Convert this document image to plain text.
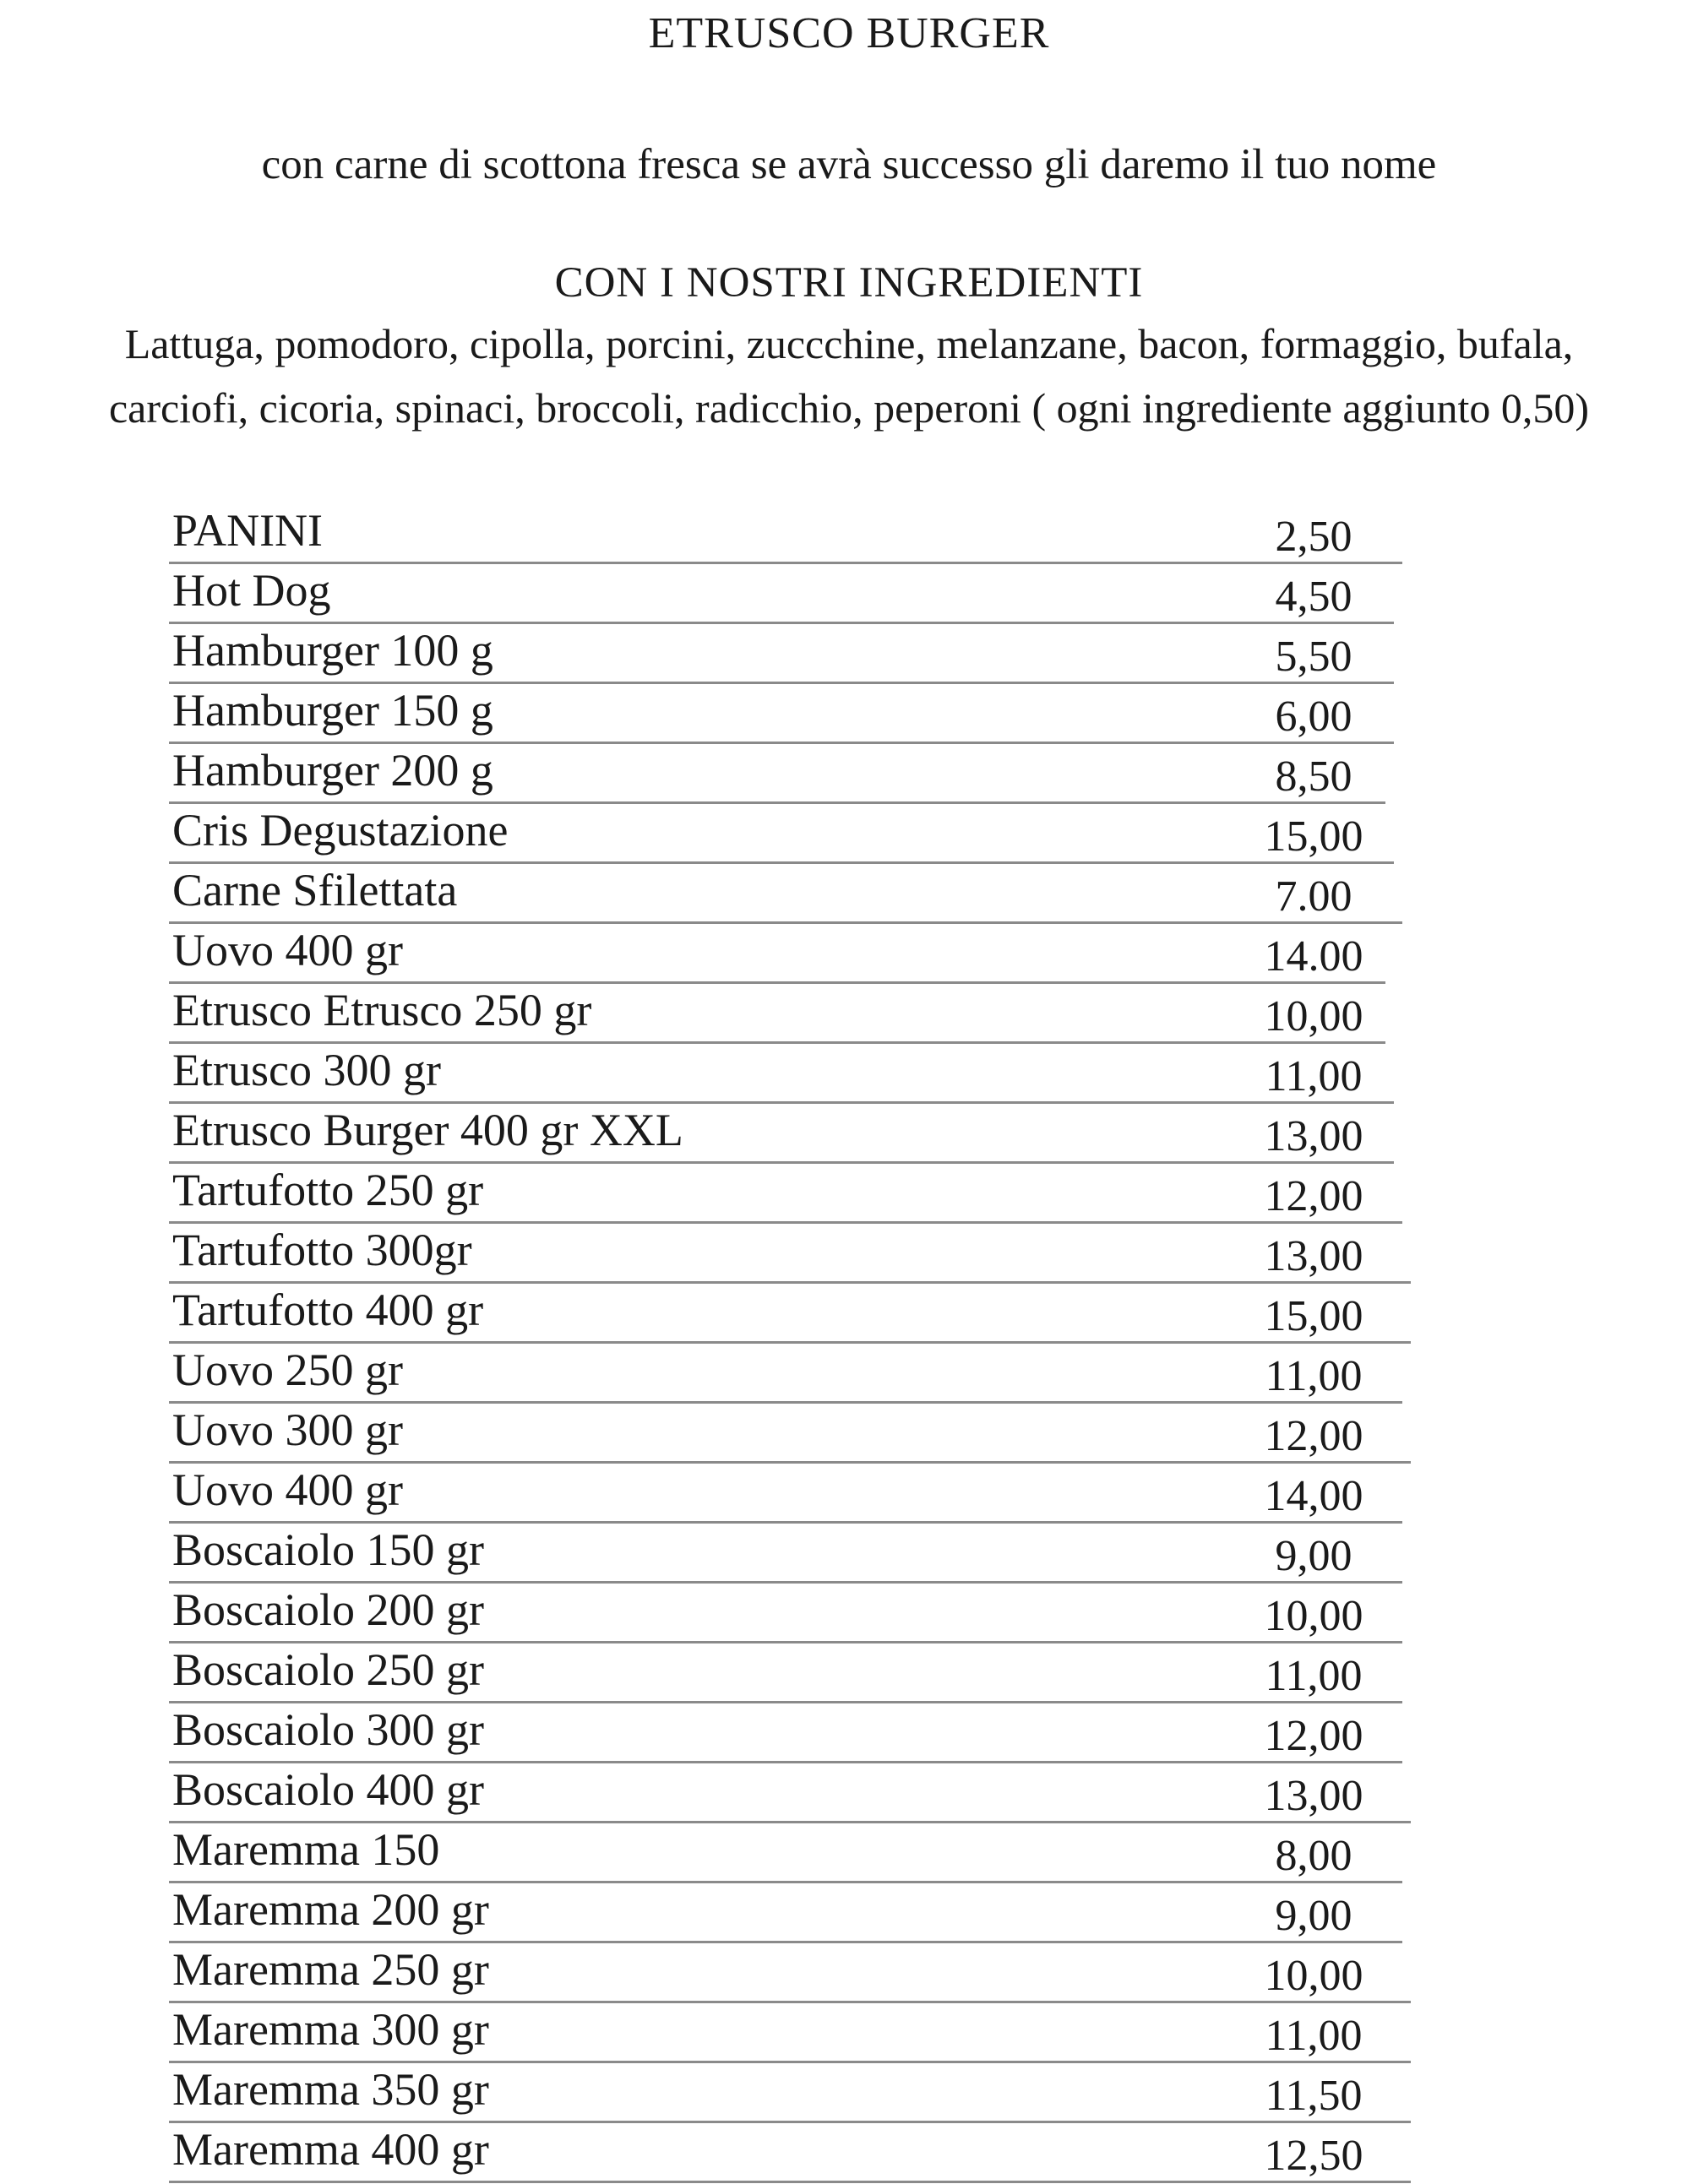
ETRUSCO BURGER
con carne di scottona fresca se avrà successo gli daremo il tuo nome
CON I NOSTRI INGREDIENTI
Lattuga, pomodoro, cipolla, porcini, zuccchine, melanzane, bacon, formaggio, bufala,
carciofi, cicoria, spinaci, broccoli, radicchio, peperoni ( ogni ingrediente aggiunto 0,50)
PANINI	2,50
Hot Dog	4,50
Hamburger 100 g	5,50
Hamburger 150 g	6,00
Hamburger 200 g	8,50
Cris Degustazione	15,00
Carne Sfilettata	7.00
Uovo 400 gr	14.00
Etrusco Etrusco 250 gr	10,00
Etrusco 300 gr	11,00
Etrusco Burger 400 gr XXL	13,00
Tartufotto 250 gr	12,00
Tartufotto 300gr	13,00
Tartufotto 400 gr	15,00
Uovo 250 gr	11,00
Uovo 300 gr	12,00
Uovo 400 gr	14,00
Boscaiolo 150 gr	9,00
Boscaiolo 200 gr	10,00
Boscaiolo 250 gr	11,00
Boscaiolo 300 gr	12,00
Boscaiolo 400 gr	13,00
Maremma 150	8,00
Maremma 200 gr	9,00
Maremma 250 gr	10,00
Maremma 300 gr	11,00
Maremma 350 gr	11,50
Maremma 400 gr	12,50
